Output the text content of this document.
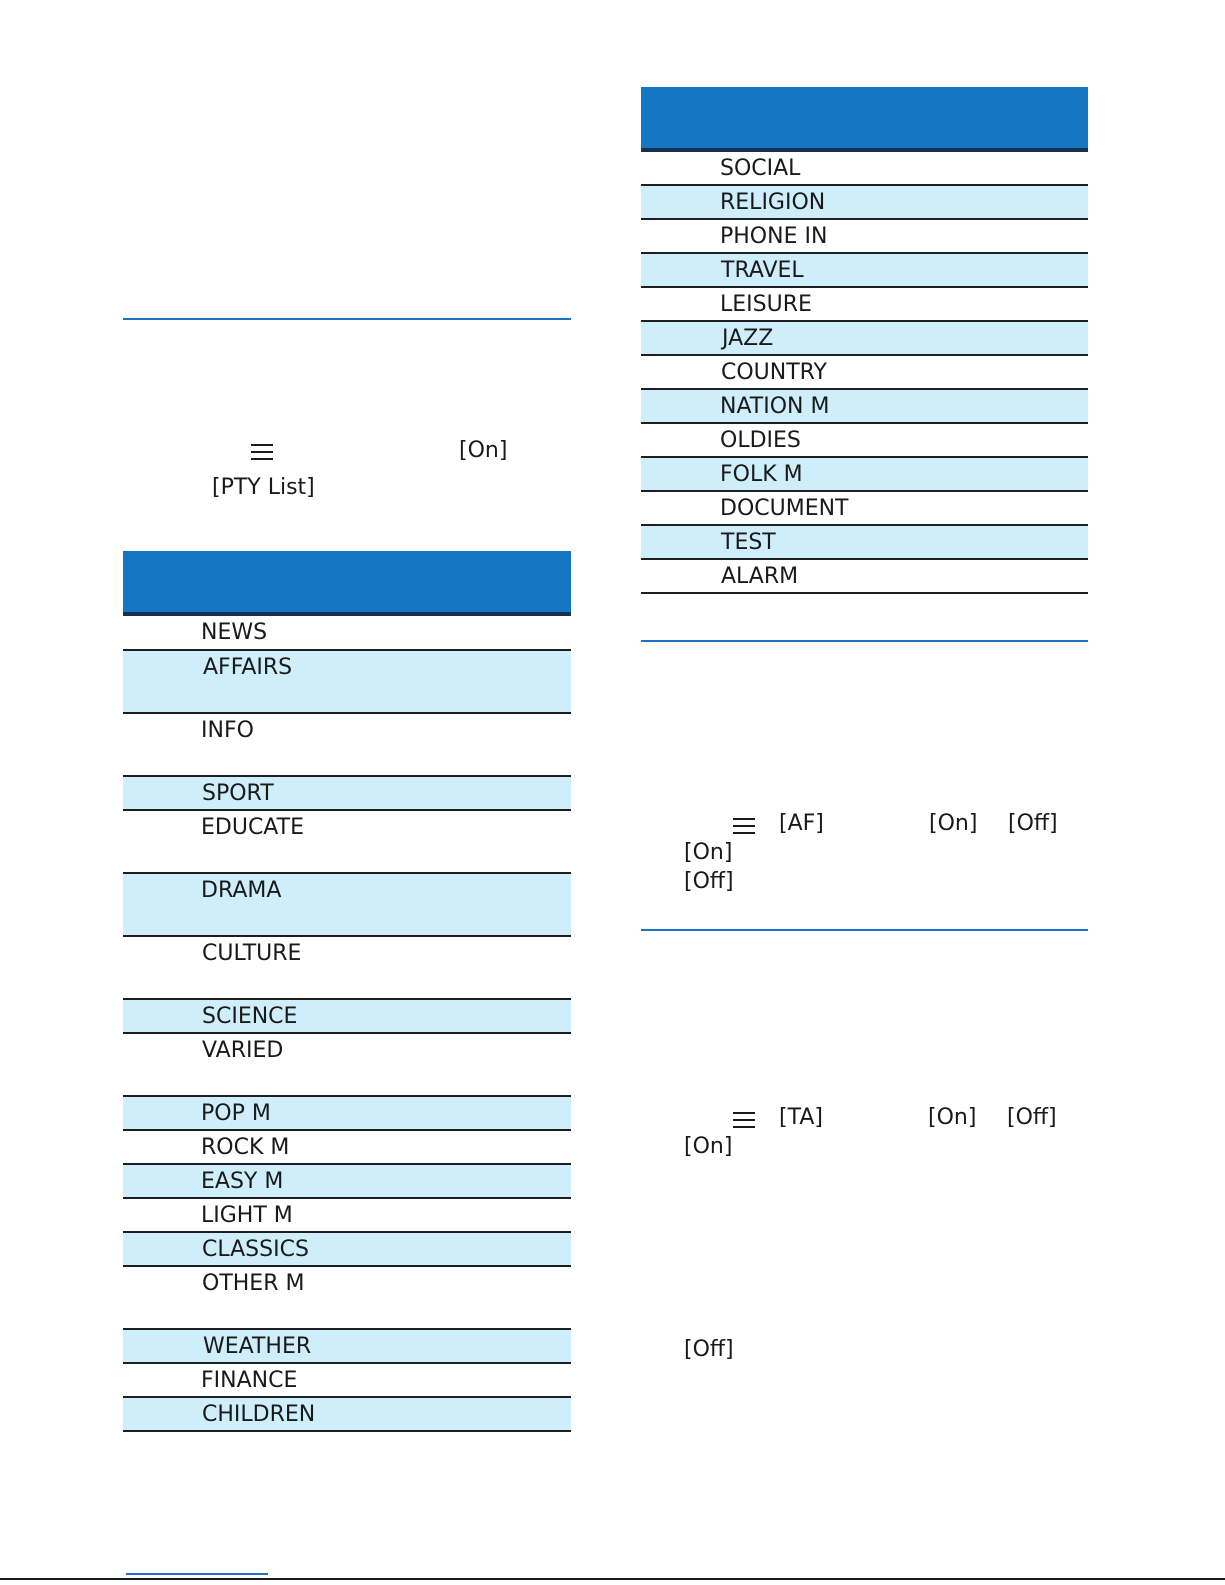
[On]
[PTY List]
NEWS
AFFAIRS
INFO
SPORT
EDUCATE
DRAMA
CULTURE
SCIENCE
VARIED
POP M
ROCK M
EASY M
LIGHT M
CLASSICS
OTHER M
WEATHER
FINANCE
CHILDREN
SOCIAL
RELIGION
PHONE IN
TRAVEL
LEISURE
JAZZ
COUNTRY
NATION M
OLDIES
FOLK M
DOCUMENT
TEST
ALARM
[AF]	[On] [Off]
[On]
[Off]
[TA]	[On] [Off]
[On]
[Off]
